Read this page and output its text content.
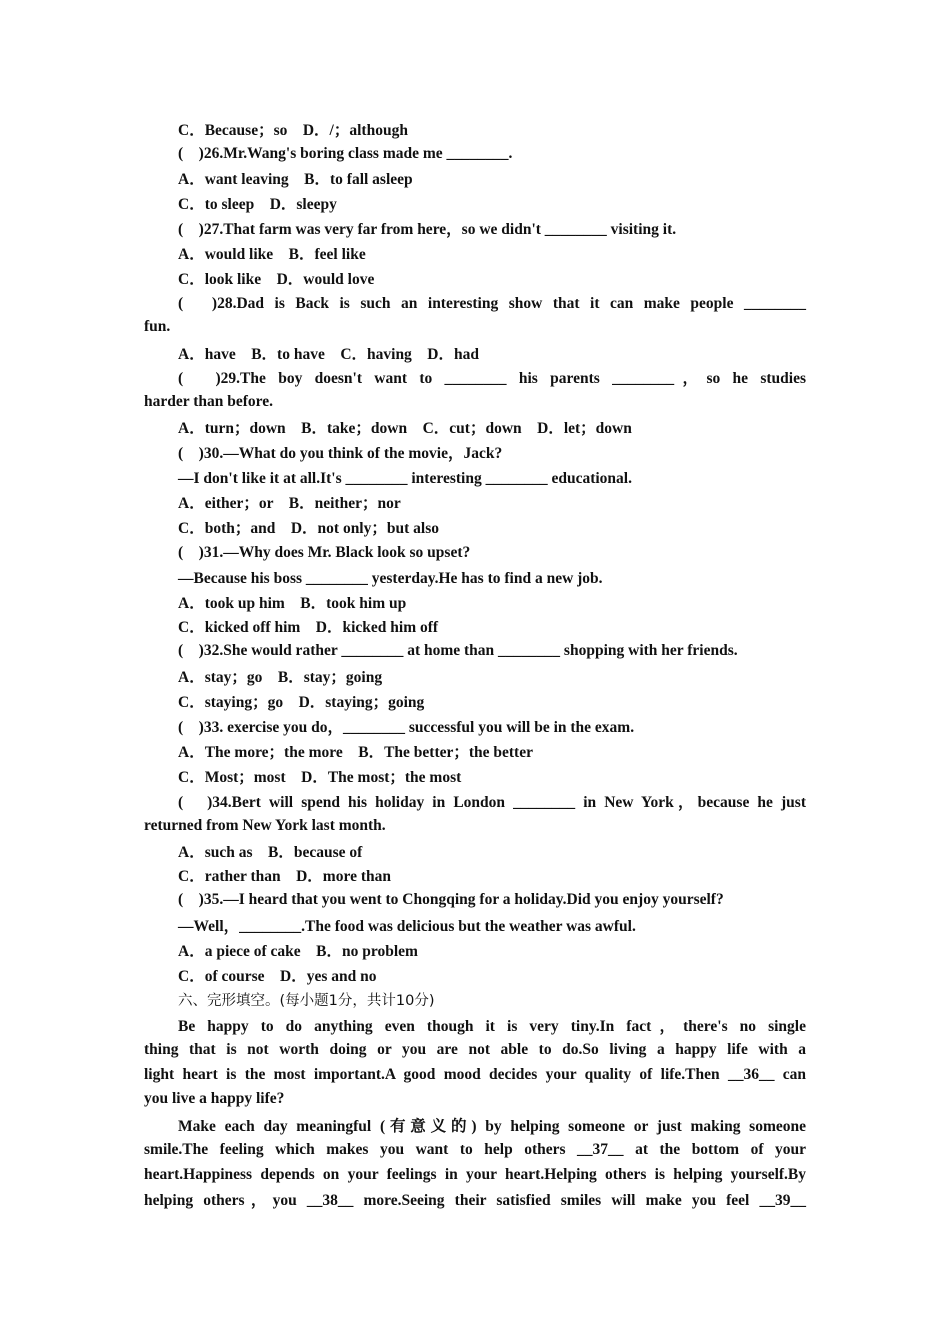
C．Because；so　D．/；although
(　)26.Mr.Wang's boring class made me ________.
A．want leaving　B．to fall asleep
C．to sleep　D．sleepy
(　)27.That farm was very far from here，so we didn't ________ visiting it.
A．would like　B．feel like
C．look like　D．would love
(　)28.Dad is Back is such an interesting show that it can make people ________
fun.
A．have　B．to have　C．having　D．had
(　)29.The boy doesn't want to ________ his parents ________，so he studies
harder than before.
A．turn；down　B．take；down　C．cut；down　D．let；down
(　)30.—What do you think of the movie，Jack?
—I don't like it at all.It's ________ interesting ________ educational.
A．either；or　B．neither；nor
C．both；and　D．not only；but also
(　)31.—Why does Mr. Black look so upset?
—Because his boss ________ yesterday.He has to find a new job.
A．took up him　B．took him up
C．kicked off him　D．kicked him off
(　)32.She would rather ________ at home than ________ shopping with her friends.
A．stay；go　B．stay；going
C．staying；go　D．staying；going
(　)33. exercise you do，________ successful you will be in the exam.
A．The more；the more　B．The better；the better
C．Most；most　D．The most；the most
(　)34.Bert will spend his holiday in London ________ in New York，because he just
returned from New York last month.
A．such as　B．because of
C．rather than　D．more than
(　)35.—I heard that you went to Chongqing for a holiday.Did you enjoy yourself?
—Well，________.The food was delicious but the weather was awful.
A．a piece of cake　B．no problem
C．of course　D．yes and no
六、完形填空。(每小题1分，共计10分)
Be happy to do anything even though it is very tiny.In fact，there's no single
thing that is not worth doing or you are not able to do.So living a happy life with a
light heart is the most important.A good mood decides your quality of life.Then __36__ can
you live a happy life?
Make each day meaningful (有意义的) by helping someone or just making someone
smile.The feeling which makes you want to help others __37__ at the bottom of your
heart.Happiness depends on your feelings in your heart.Helping others is helping yourself.By
helping others，you __38__ more.Seeing their satisfied smiles will make you feel __39__
